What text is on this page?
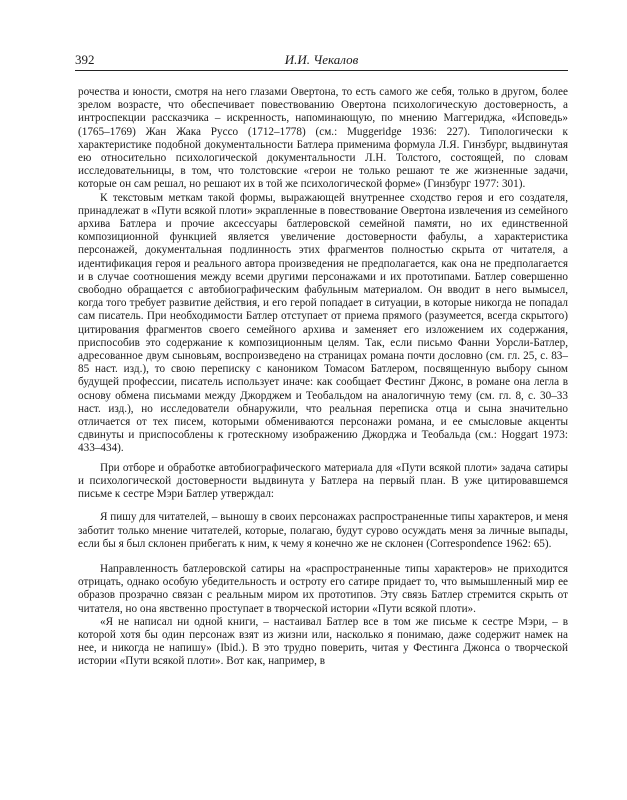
392	И.И. Чекалов

рочества и юности, смотря на него глазами Овертона, то есть самого же себя, только в другом, более зрелом возрасте, что обеспечивает повествованию Овертона психологическую достоверность, а интроспекции рассказчика – искренность, напоминающую, по мнению Маггериджа, «Исповедь» (1765–1769) Жан Жака Руссо (1712–1778) (см.: Muggeridge 1936: 227). Типологически к характеристике подобной документальности Батлера применима формула Л.Я. Гинзбург, выдвинутая ею относительно психологической документальности Л.Н. Толстого, состоящей, по словам исследовательницы, в том, что толстовские «герои не только решают те же жизненные задачи, которые он сам решал, но решают их в той же психологической форме» (Гинзбург 1977: 301).

К текстовым меткам такой формы, выражающей внутреннее сходство героя и его создателя, принадлежат в «Пути всякой плоти» экрапленные в повествование Овертона извлечения из семейного архива Батлера и прочие аксессуары батлеровской семейной памяти, но их единственной композиционной функцией является увеличение достоверности фабулы, а характеристика персонажей, документальная подлинность этих фрагментов полностью скрыта от читателя, а идентификация героя и реального автора произведения не предполагается, как она не предполагается и в случае соотношения между всеми другими персонажами и их прототипами. Батлер совершенно свободно обращается с автобиографическим фабульным материалом. Он вводит в него вымысел, когда того требует развитие действия, и его герой попадает в ситуации, в которые никогда не попадал сам писатель. При необходимости Батлер отступает от приема прямого (разумеется, всегда скрытого) цитирования фрагментов своего семейного архива и заменяет его изложением их содержания, приспособив это содержание к композиционным целям. Так, если письмо Фанни Уорсли-Батлер, адресованное двум сыновьям, воспроизведено на страницах романа почти дословно (см. гл. 25, с. 83–85 наст. изд.), то свою переписку с каноником Томасом Батлером, посвященную выбору сыном будущей профессии, писатель использует иначе: как сообщает Фестинг Джонс, в романе она легла в основу обмена письмами между Джорджем и Теобальдом на аналогичную тему (см. гл. 8, с. 30–33 наст. изд.), но исследователи обнаружили, что реальная переписка отца и сына значительно отличается от тех писем, которыми обмениваются персонажи романа, и ее смысловые акценты сдвинуты и приспособлены к гротескному изображению Джорджа и Теобальда (см.: Hoggart 1973: 433–434).

При отборе и обработке автобиографического материала для «Пути всякой плоти» задача сатиры и психологической достоверности выдвинута у Батлера на первый план. В уже цитировавшемся письме к сестре Мэри Батлер утверждал:

Я пишу для читателей, – выношу в своих персонажах распространенные типы характеров, и меня заботит только мнение читателей, которые, полагаю, будут сурово осуждать меня за личные выпады, если бы я был склонен прибегать к ним, к чему я конечно же не склонен (Correspondence 1962: 65).

Направленность батлеровской сатиры на «распространенные типы характеров» не приходится отрицать, однако особую убедительность и остроту его сатире придает то, что вымышленный мир ее образов прозрачно связан с реальным миром их прототипов. Эту связь Батлер стремится скрыть от читателя, но она явственно проступает в творческой истории «Пути всякой плоти».

«Я не написал ни одной книги, – настаивал Батлер все в том же письме к сестре Мэри, – в которой хотя бы один персонаж взят из жизни или, насколько я понимаю, даже содержит намек на нее, и никогда не напишу» (Ibid.). В это трудно поверить, читая у Фестинга Джонса о творческой истории «Пути всякой плоти». Вот как, например, в
